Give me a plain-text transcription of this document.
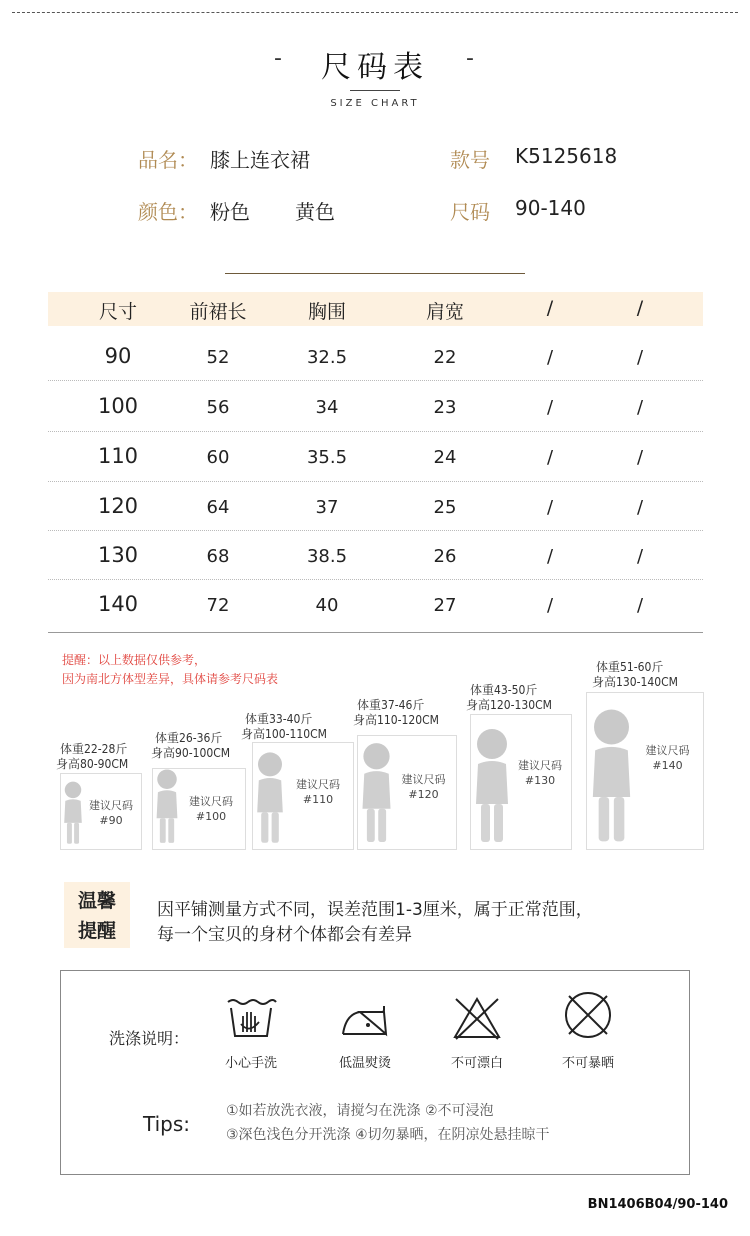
-	尺码表	-
SIZE CHART
品名： 膝上连衣裙	款号 K5125618
颜色： 粉色 黄色	尺码 90-140
尺寸	前裙长	胸围	肩宽	/	/
90	52	32.5	22	/	/
100	56	34	23	/	/
110	60	35.5	24	/	/
120	64	37	25	/	/
130	68	38.5	26	/	/
140	72	40	27	/	/
提醒：以上数据仅供参考，
因为南北方体型差异，具体请参考尺码表
体重22-28斤
身高80-90CM
建议尺码
#90
体重26-36斤
身高90-100CM
建议尺码
#100
体重33-40斤
身高100-110CM
建议尺码
#110
体重37-46斤
身高110-120CM
建议尺码
#120
体重43-50斤
身高120-130CM
建议尺码
#130
体重51-60斤
身高130-140CM
建议尺码
#140
温馨
提醒
因平铺测量方式不同，误差范围1-3厘米，属于正常范围，
每一个宝贝的身材个体都会有差异
洗涤说明：
小心手洗	低温熨烫	不可漂白	不可暴晒
Tips:
①如若放洗衣液，请搅匀在洗涤 ②不可浸泡
③深色浅色分开洗涤 ④切勿暴晒，在阴凉处悬挂晾干
BN1406B04/90-140
